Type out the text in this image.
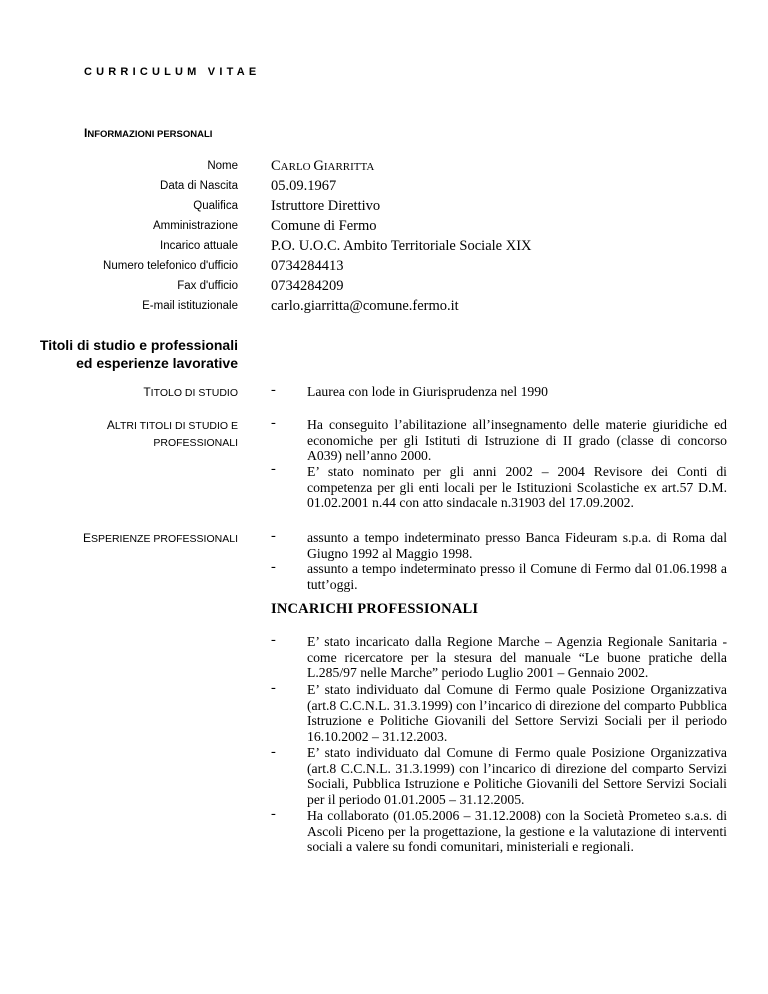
CURRICULUM VITAE
INFORMAZIONI PERSONALI
Nome CARLO GIARRITTA
Data di Nascita 05.09.1967
Qualifica Istruttore Direttivo
Amministrazione Comune di Fermo
Incarico attuale P.O. U.O.C. Ambito Territoriale Sociale XIX
Numero telefonico d'ufficio 0734284413
Fax d'ufficio 0734284209
E-mail istituzionale carlo.giarritta@comune.fermo.it
Titoli di studio e professionali
ed esperienze lavorative
TITOLO DI STUDIO - Laurea con lode in Giurisprudenza nel 1990
ALTRI TITOLI DI STUDIO E
PROFESSIONALI
- Ha conseguito l’abilitazione all’insegnamento delle materie giuridiche ed economiche per gli Istituti di Istruzione di II grado (classe di concorso A039) nell’anno 2000.
- E’ stato nominato per gli anni 2002 – 2004 Revisore dei Conti di competenza per gli enti locali per le Istituzioni Scolastiche ex art.57 D.M. 01.02.2001 n.44 con atto sindacale n.31903 del 17.09.2002.
ESPERIENZE PROFESSIONALI - assunto a tempo indeterminato presso Banca Fideuram s.p.a. di Roma dal Giugno 1992 al Maggio 1998.
- assunto a tempo indeterminato presso il Comune di Fermo dal 01.06.1998 a tutt’oggi.
INCARICHI PROFESSIONALI
- E’ stato incaricato dalla Regione Marche – Agenzia Regionale Sanitaria - come ricercatore per la stesura del manuale “Le buone pratiche della L.285/97 nelle Marche” periodo Luglio 2001 – Gennaio 2002.
- E’ stato individuato dal Comune di Fermo quale Posizione Organizzativa (art.8 C.C.N.L. 31.3.1999) con l’incarico di direzione del comparto Pubblica Istruzione e Politiche Giovanili del Settore Servizi Sociali per il periodo 16.10.2002 – 31.12.2003.
- E’ stato individuato dal Comune di Fermo quale Posizione Organizzativa (art.8 C.C.N.L. 31.3.1999) con l’incarico di direzione del comparto Servizi Sociali, Pubblica Istruzione e Politiche Giovanili del Settore Servizi Sociali per il periodo 01.01.2005 – 31.12.2005.
- Ha collaborato (01.05.2006 – 31.12.2008) con la Società Prometeo s.a.s. di Ascoli Piceno per la progettazione, la gestione e la valutazione di interventi sociali a valere su fondi comunitari, ministeriali e regionali.
